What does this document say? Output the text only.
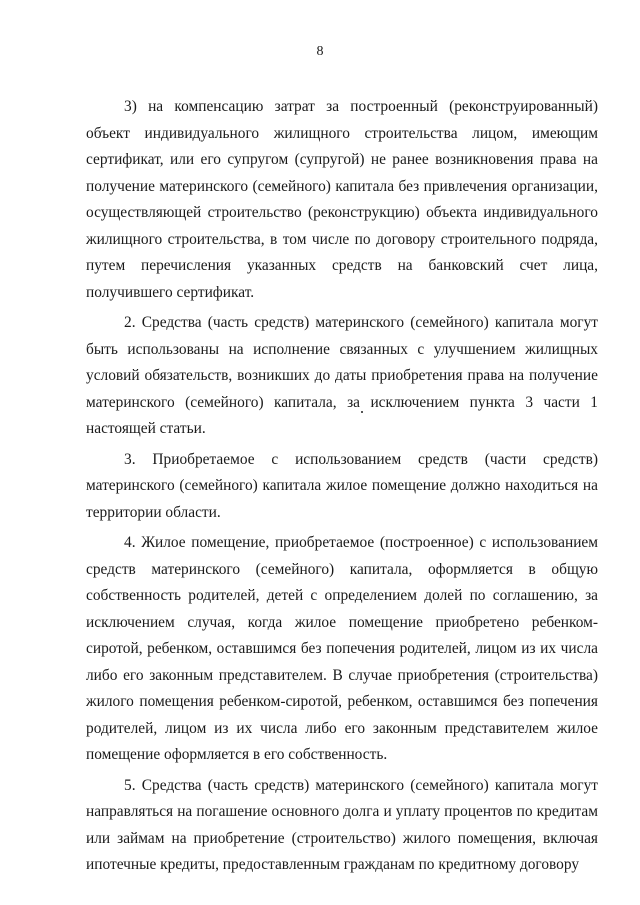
8

3) на компенсацию затрат за построенный (реконструированный) объект индивидуального жилищного строительства лицом, имеющим сертификат, или его супругом (супругой) не ранее возникновения права на получение материнского (семейного) капитала без привлечения организации, осуществляющей строительство (реконструкцию) объекта индивидуального жилищного строительства, в том числе по договору строительного подряда, путем перечисления указанных средств на банковский счет лица, получившего сертификат.

2. Средства (часть средств) материнского (семейного) капитала могут быть использованы на исполнение связанных с улучшением жилищных условий обязательств, возникших до даты приобретения права на получение материнского (семейного) капитала, за исключением пункта 3 части 1 настоящей статьи.

3. Приобретаемое с использованием средств (части средств) материнского (семейного) капитала жилое помещение должно находиться на территории области.

4. Жилое помещение, приобретаемое (построенное) с использованием средств материнского (семейного) капитала, оформляется в общую собственность родителей, детей с определением долей по соглашению, за исключением случая, когда жилое помещение приобретено ребенком-сиротой, ребенком, оставшимся без попечения родителей, лицом из их числа либо его законным представителем. В случае приобретения (строительства) жилого помещения ребенком-сиротой, ребенком, оставшимся без попечения родителей, лицом из их числа либо его законным представителем жилое помещение оформляется в его собственность.

5. Средства (часть средств) материнского (семейного) капитала могут направляться на погашение основного долга и уплату процентов по кредитам или займам на приобретение (строительство) жилого помещения, включая ипотечные кредиты, предоставленным гражданам по кредитному договору
